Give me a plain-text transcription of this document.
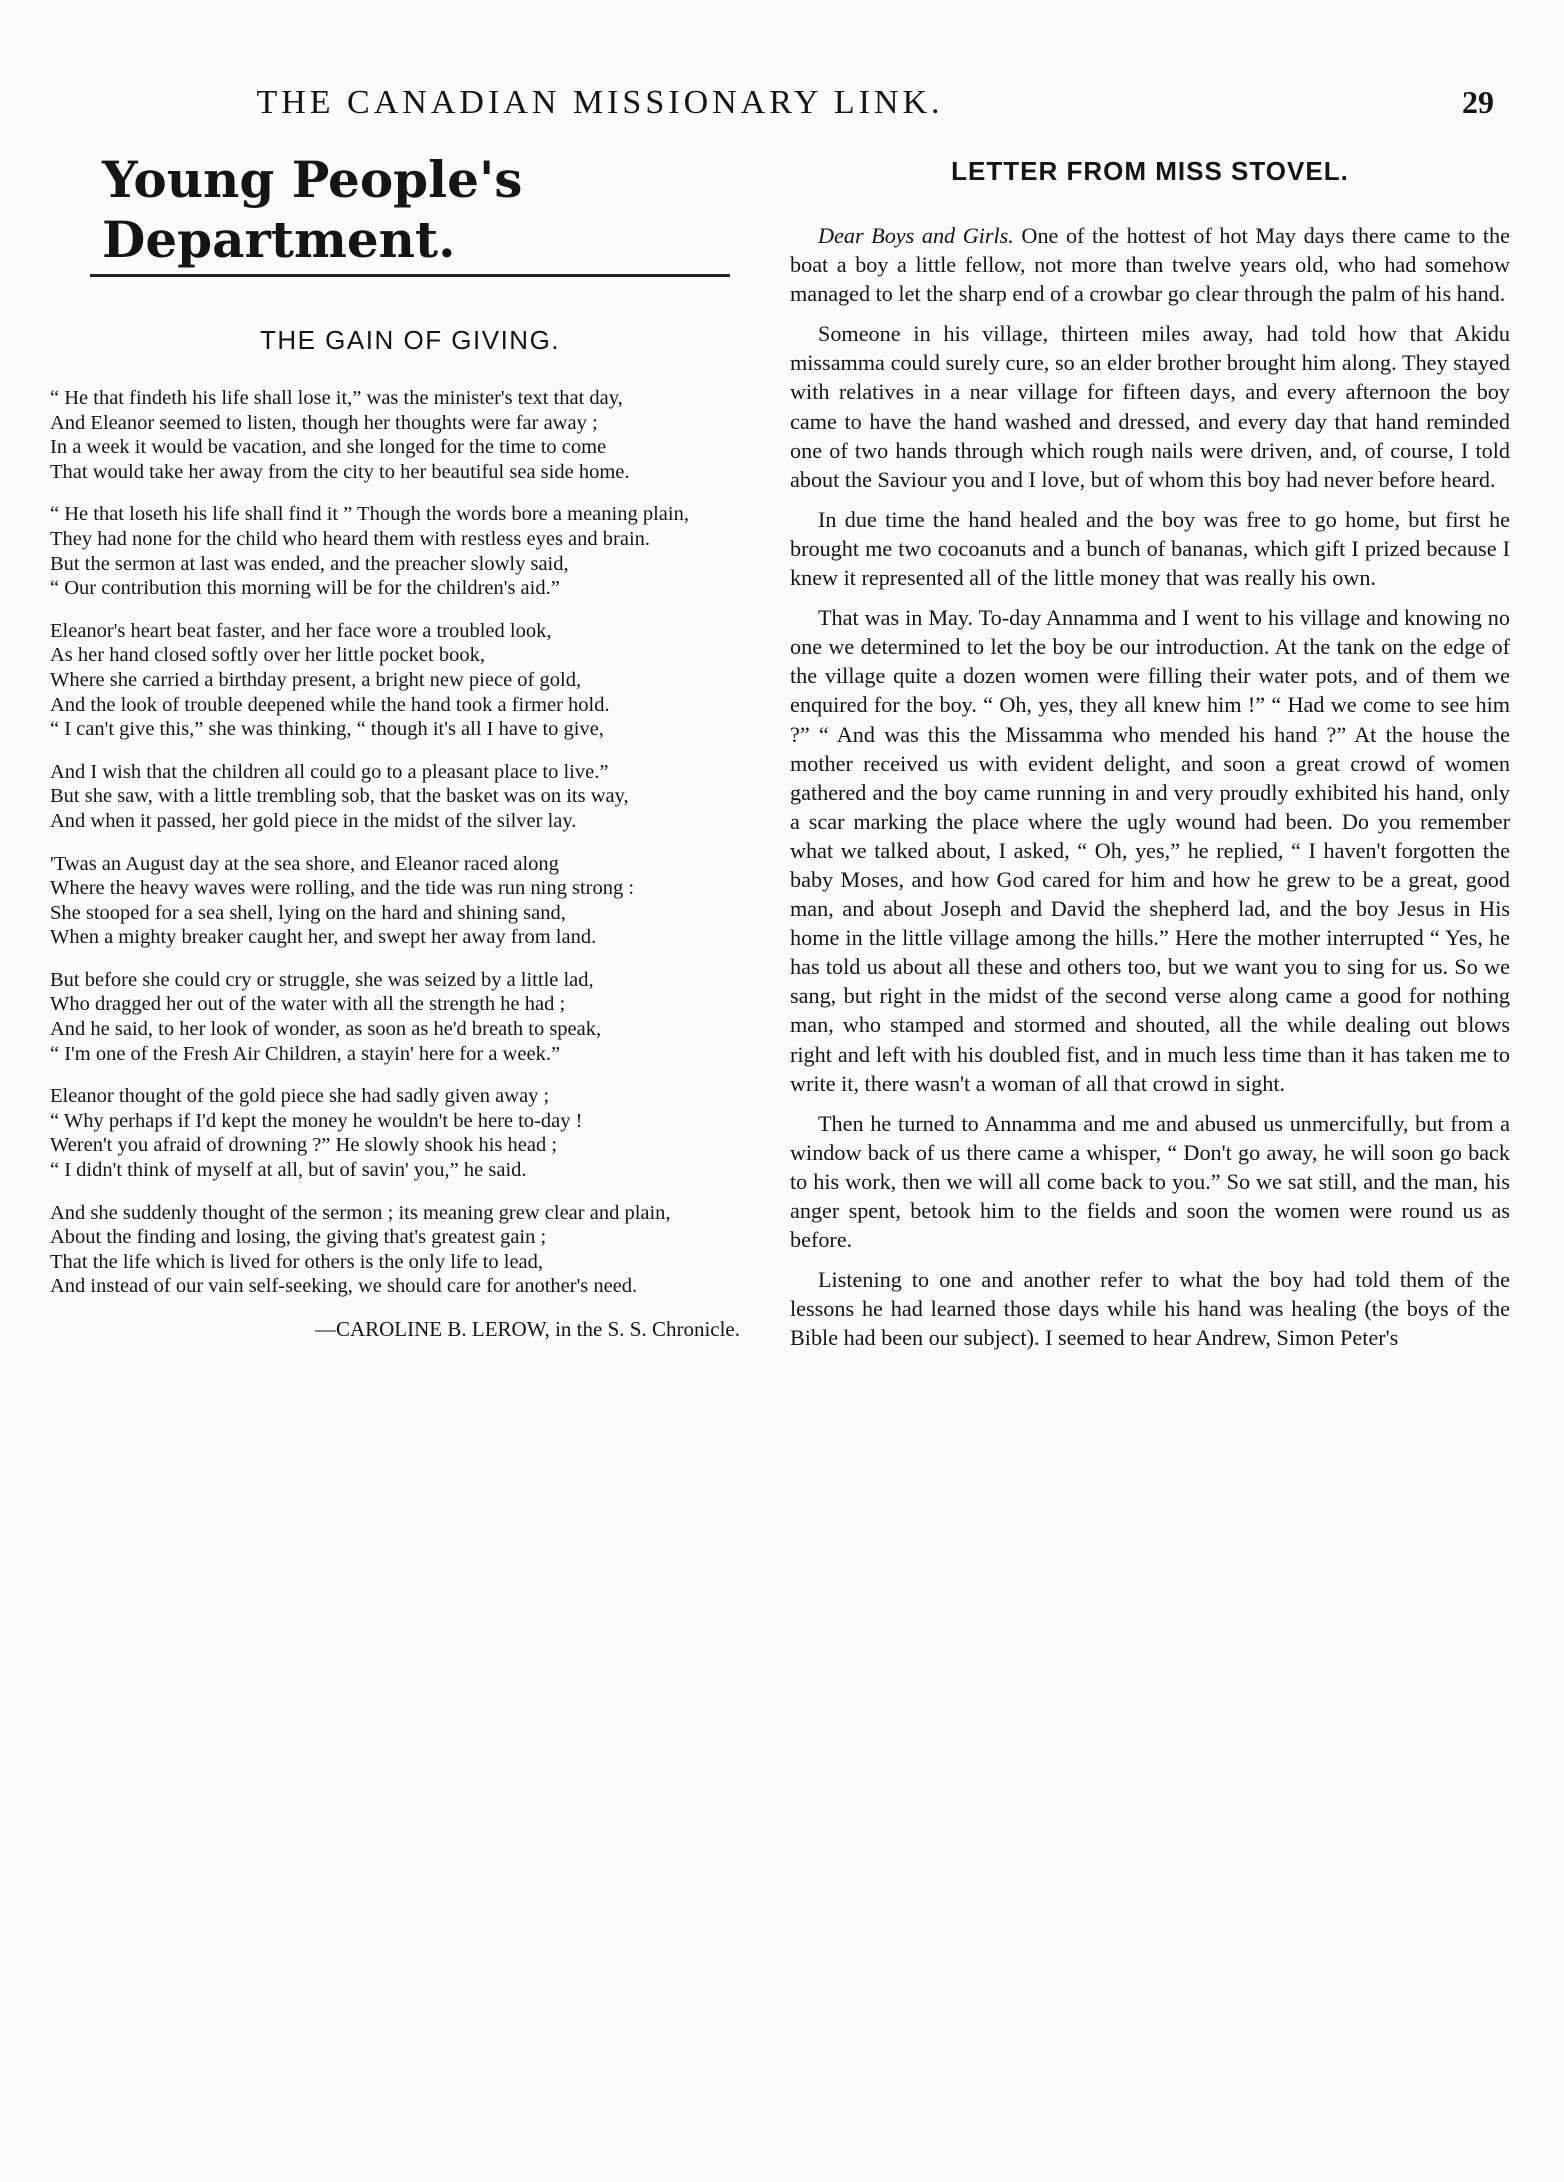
THE CANADIAN MISSIONARY LINK.	29
Young People's Department.
THE GAIN OF GIVING.
“ He that findeth his life shall lose it,” was the minister's text that day,
And Eleanor seemed to listen, though her thoughts were far away ;
In a week it would be vacation, and she longed for the time to come
That would take her away from the city to her beautiful sea side home.
“ He that loseth his life shall find it ” Though the words bore a meaning plain,
They had none for the child who heard them with restless eyes and brain.
But the sermon at last was ended, and the preacher slowly said,
“ Our contribution this morning will be for the children's aid.”
Eleanor's heart beat faster, and her face wore a troubled look,
As her hand closed softly over her little pocket book,
Where she carried a birthday present, a bright new piece of gold,
And the look of trouble deepened while the hand took a firmer hold.
“ I can't give this,” she was thinking, “ though it's all I have to give,
And I wish that the children all could go to a pleasant place to live.”
But she saw, with a little trembling sob, that the basket was on its way,
And when it passed, her gold piece in the midst of the silver lay.
'Twas an August day at the sea shore, and Eleanor raced along
Where the heavy waves were rolling, and the tide was run ning strong :
She stooped for a sea shell, lying on the hard and shining sand,
When a mighty breaker caught her, and swept her away from land.
But before she could cry or struggle, she was seized by a little lad,
Who dragged her out of the water with all the strength he had ;
And he said, to her look of wonder, as soon as he'd breath to speak,
“ I'm one of the Fresh Air Children, a stayin' here for a week.”
Eleanor thought of the gold piece she had sadly given away ;
“ Why perhaps if I'd kept the money he wouldn't be here to-day !
Weren't you afraid of drowning ?” He slowly shook his head ;
“ I didn't think of myself at all, but of savin' you,” he said.
And she suddenly thought of the sermon ; its meaning grew clear and plain,
About the finding and losing, the giving that's greatest gain ;
That the life which is lived for others is the only life to lead,
And instead of our vain self-seeking, we should care for another's need.
—CAROLINE B. LEROW, in the S. S. Chronicle.
LETTER FROM MISS STOVEL.

Dear Boys and Girls. One of the hottest of hot May days there came to the boat a boy a little fellow, not more than twelve years old, who had somehow managed to let the sharp end of a crowbar go clear through the palm of his hand.

Someone in his village, thirteen miles away, had told how that Akidu missamma could surely cure, so an elder brother brought him along. They stayed with relatives in a near village for fifteen days, and every afternoon the boy came to have the hand washed and dressed, and every day that hand reminded one of two hands through which rough nails were driven, and, of course, I told about the Saviour you and I love, but of whom this boy had never before heard.

In due time the hand healed and the boy was free to go home, but first he brought me two cocoanuts and a bunch of bananas, which gift I prized because I knew it represented all of the little money that was really his own.

That was in May. To-day Annamma and I went to his village and knowing no one we determined to let the boy be our introduction. At the tank on the edge of the village quite a dozen women were filling their water pots, and of them we enquired for the boy. “ Oh, yes, they all knew him !” “ Had we come to see him ?” “ And was this the Missamma who mended his hand ?” At the house the mother received us with evident delight, and soon a great crowd of women gathered and the boy came running in and very proudly exhibited his hand, only a scar marking the place where the ugly wound had been. Do you remember what we talked about, I asked, “ Oh, yes,” he replied, “ I haven't forgotten the baby Moses, and how God cared for him and how he grew to be a great, good man, and about Joseph and David the shepherd lad, and the boy Jesus in His home in the little village among the hills.” Here the mother interrupted “ Yes, he has told us about all these and others too, but we want you to sing for us. So we sang, but right in the midst of the second verse along came a good for nothing man, who stamped and stormed and shouted, all the while dealing out blows right and left with his doubled fist, and in much less time than it has taken me to write it, there wasn't a woman of all that crowd in sight.

Then he turned to Annamma and me and abused us unmercifully, but from a window back of us there came a whisper, “ Don't go away, he will soon go back to his work, then we will all come back to you.” So we sat still, and the man, his anger spent, betook him to the fields and soon the women were round us as before.

Listening to one and another refer to what the boy had told them of the lessons he had learned those days while his hand was healing (the boys of the Bible had been our subject). I seemed to hear Andrew, Simon Peter's
